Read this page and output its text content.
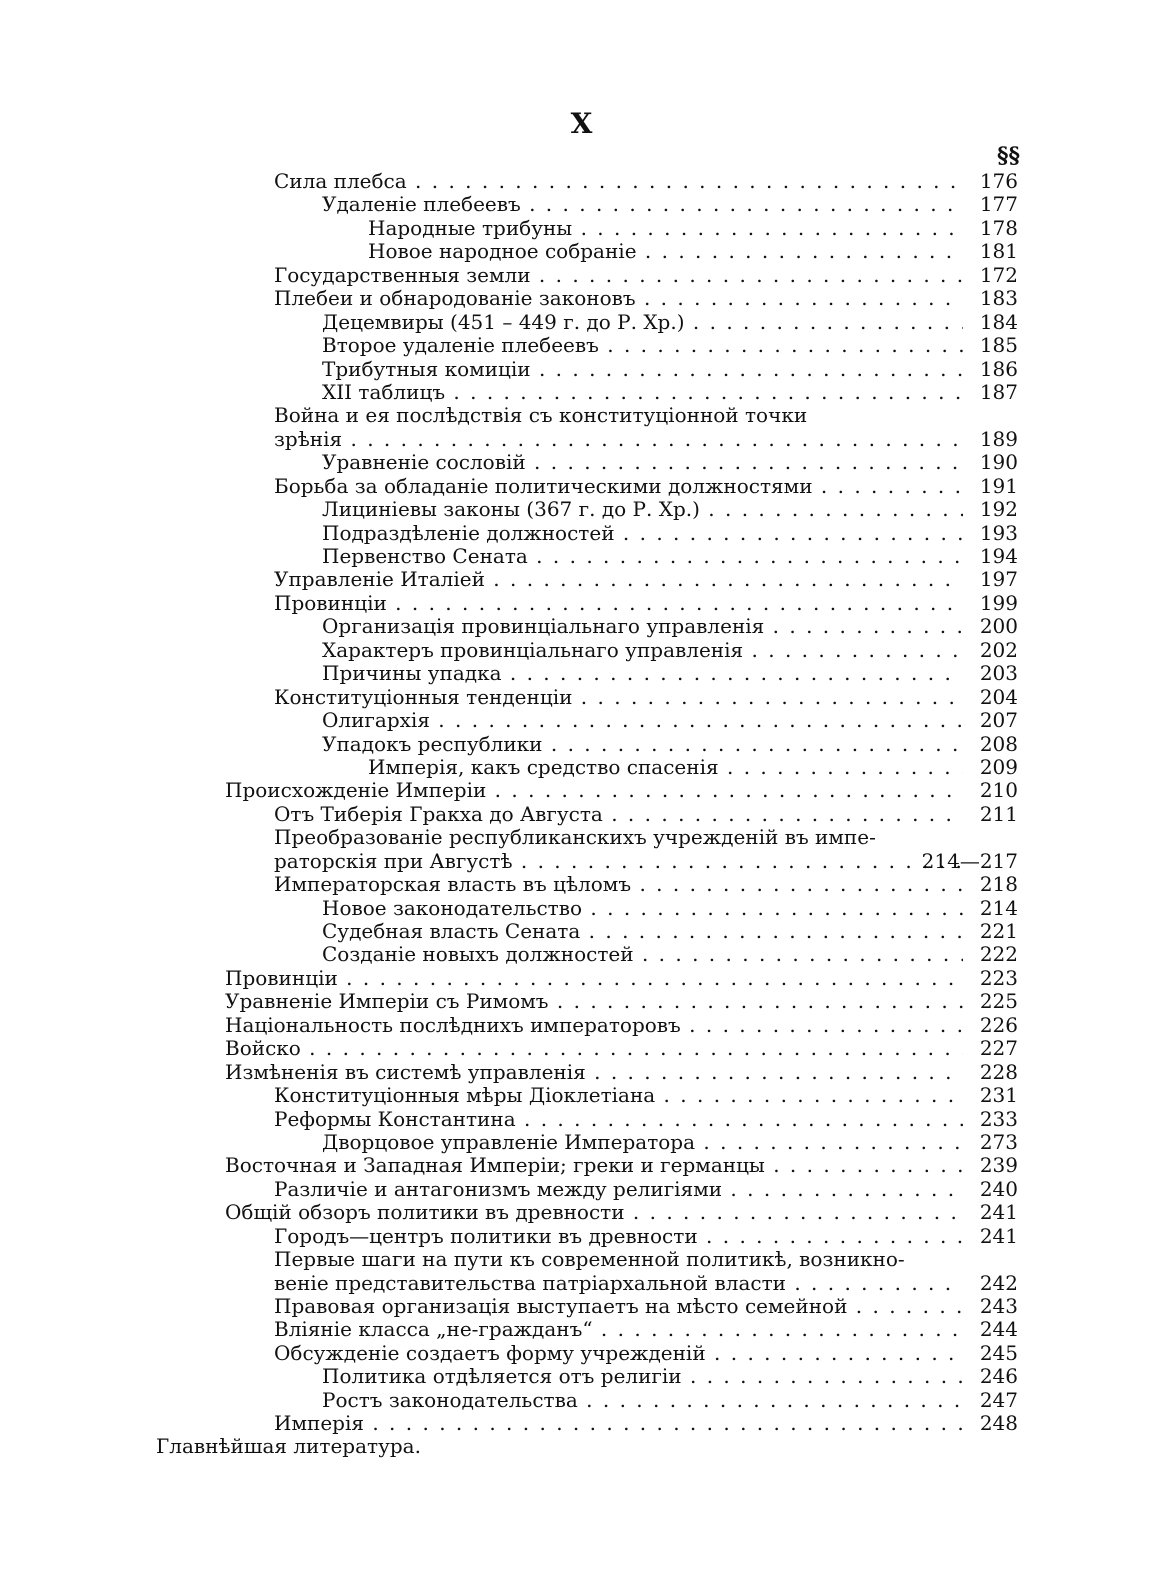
X
§§
Сила плебса . . .	176
Удаленіе плебеевъ . . .	177
Народные трибуны . . .	178
Новое народное собраніе . . .	181
Государственныя земли . . .	172
Плебеи и обнародованіе законовъ . . .	183
Децемвиры (451 – 449 г. до Р. Хр.) . . .	184
Второе удаленіе плебеевъ . . .	185
Трибутныя комиціи . . .	186
XII таблицъ . . .	187
Война и ея послѣдствія съ конституціонной точки
зрѣнія . . .	189
Уравненіе сословій . . .	190
Борьба за обладаніе политическими должностями . . .	191
Лициніевы законы (367 г. до Р. Хр.) . . .	192
Подраздѣленіе должностей . . .	193
Первенство Сената . . .	194
Управленіе Италіей . . .	197
Провинціи . . .	199
Организація провинціальнаго управленія . . .	200
Характеръ провинціальнаго управленія . . .	202
Причины упадка . . .	203
Конституціонныя тенденціи . . .	204
Олигархія . . .	207
Упадокъ республики . . .	208
Имперія, какъ средство спасенія . . .	209
Происхожденіе Имперіи . . .	210
Отъ Тиберія Гракха до Августа . . .	211
Преобразованіе республиканскихъ учрежденій въ импе-
раторскія при Августѣ . . .	214—217
Императорская власть въ цѣломъ . . .	218
Новое законодательство . . .	214
Судебная власть Сената . . .	221
Созданіе новыхъ должностей . . .	222
Провинціи . . .	223
Уравненіе Имперіи съ Римомъ . . .	225
Національность послѣднихъ императоровъ . . .	226
Войско . . .	227
Измѣненія въ системѣ управленія . . .	228
Конституціонныя мѣры Діоклетіана . . .	231
Реформы Константина . . .	233
Дворцовое управленіе Императора . . .	273
Восточная и Западная Имперіи; греки и германцы . . .	239
Различіе и антагонизмъ между религіями . . .	240
Общій обзоръ политики въ древности . . .	241
Городъ—центръ политики въ древности . . .	241
Первые шаги на пути къ современной политикѣ, возникно-
веніе представительства патріархальной власти . . .	242
Правовая организація выступаетъ на мѣсто семейной . . .	243
Вліяніе класса „не-гражданъ“ . . .	244
Обсужденіе создаетъ форму учрежденій . . .	245
Политика отдѣляется отъ религіи . . .	246
Ростъ законодательства . . .	247
Имперія . . .	248
Главнѣйшая литература.
